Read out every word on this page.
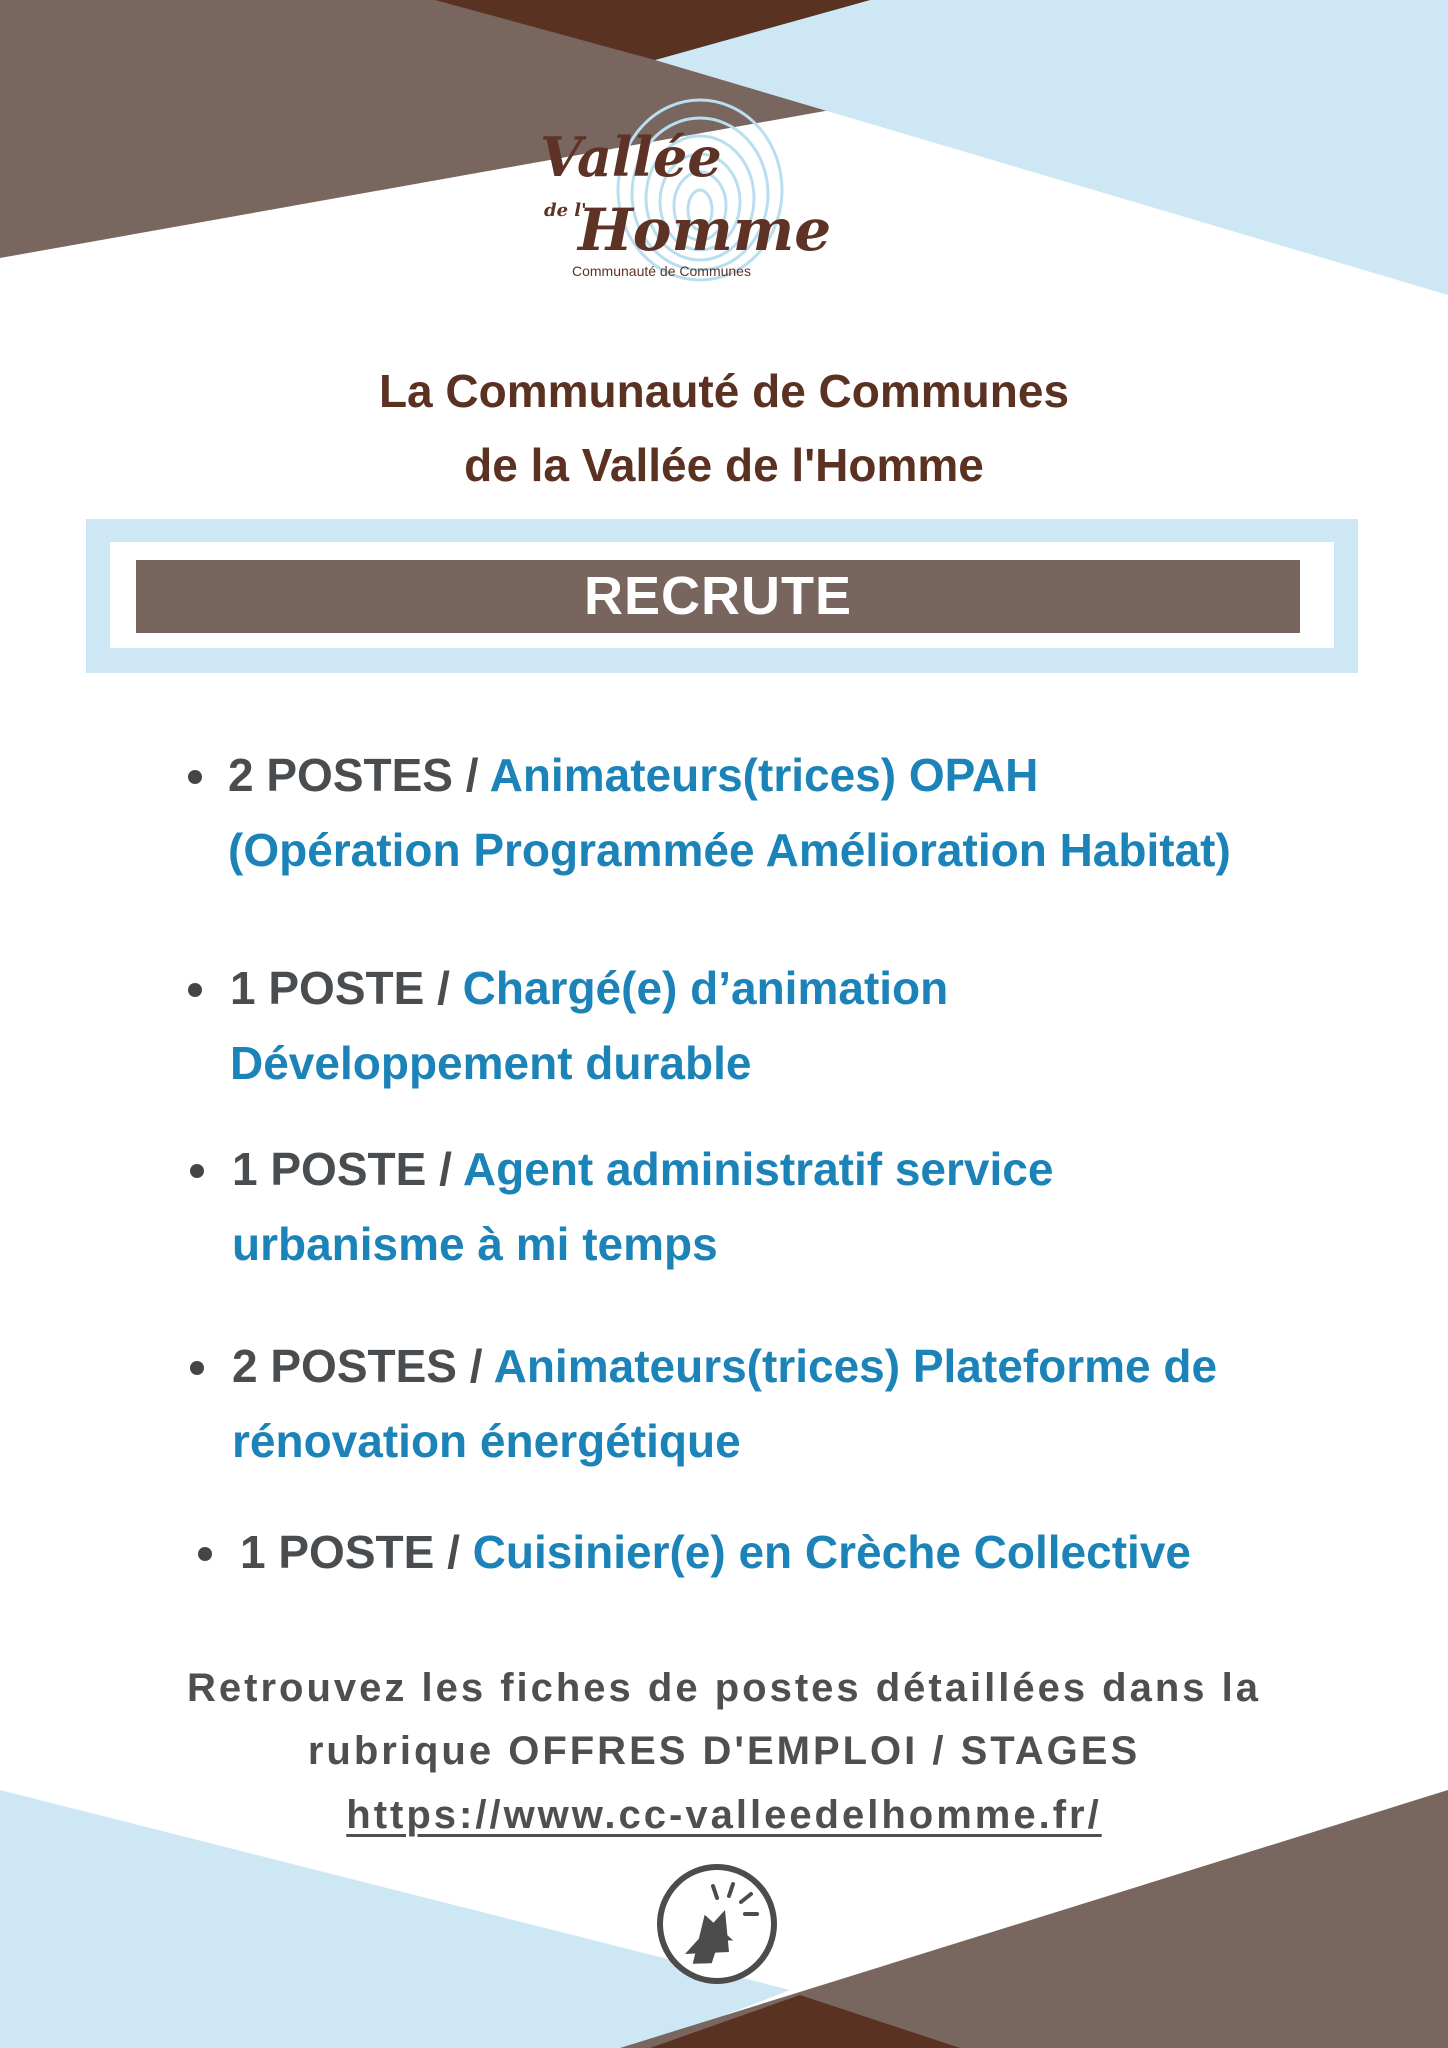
Vallée
de l'
Homme
Communauté de Communes
La Communauté de Communes
de la Vallée de l'Homme
RECRUTE
2 POSTES / Animateurs(trices) OPAH
(Opération Programmée Amélioration Habitat)
1 POSTE / Chargé(e) d’animation
Développement durable
1 POSTE / Agent administratif service
urbanisme à mi temps
2 POSTES / Animateurs(trices) Plateforme de
rénovation énergétique
1 POSTE / Cuisinier(e) en Crèche Collective
Retrouvez les fiches de postes détaillées dans la
rubrique OFFRES D'EMPLOI / STAGES
https://www.cc-valleedelhomme.fr/
